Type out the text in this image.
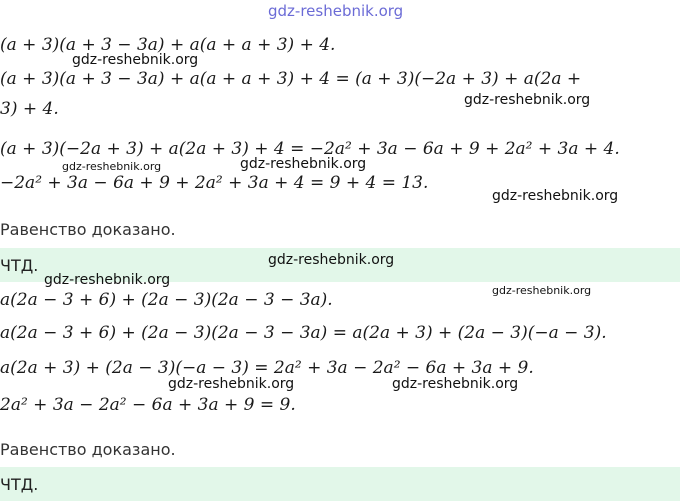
gdz-reshebnik.org
(a + 3)(a + 3 − 3a) + a(a + a + 3) + 4.
(a + 3)(a + 3 − 3a) + a(a + a + 3) + 4 = (a + 3)(−2a + 3) + a(2a +
3) + 4.
(a + 3)(−2a + 3) + a(2a + 3) + 4 = −2a² + 3a − 6a + 9 + 2a² + 3a + 4.
−2a² + 3a − 6a + 9 + 2a² + 3a + 4 = 9 + 4 = 13.
Равенство доказано.
ЧТД.
a(2a − 3 + 6) + (2a − 3)(2a − 3 − 3a).
a(2a − 3 + 6) + (2a − 3)(2a − 3 − 3a) = a(2a + 3) + (2a − 3)(−a − 3).
a(2a + 3) + (2a − 3)(−a − 3) = 2a² + 3a − 2a² − 6a + 3a + 9.
2a² + 3a − 2a² − 6a + 3a + 9 = 9.
Равенство доказано.
ЧТД.
gdz-reshebnik.org
gdz-reshebnik.org
gdz-reshebnik.org	gdz-reshebnik.org
gdz-reshebnik.org
gdz-reshebnik.org
gdz-reshebnik.org
gdz-reshebnik.org
gdz-reshebnik.org	gdz-reshebnik.org
